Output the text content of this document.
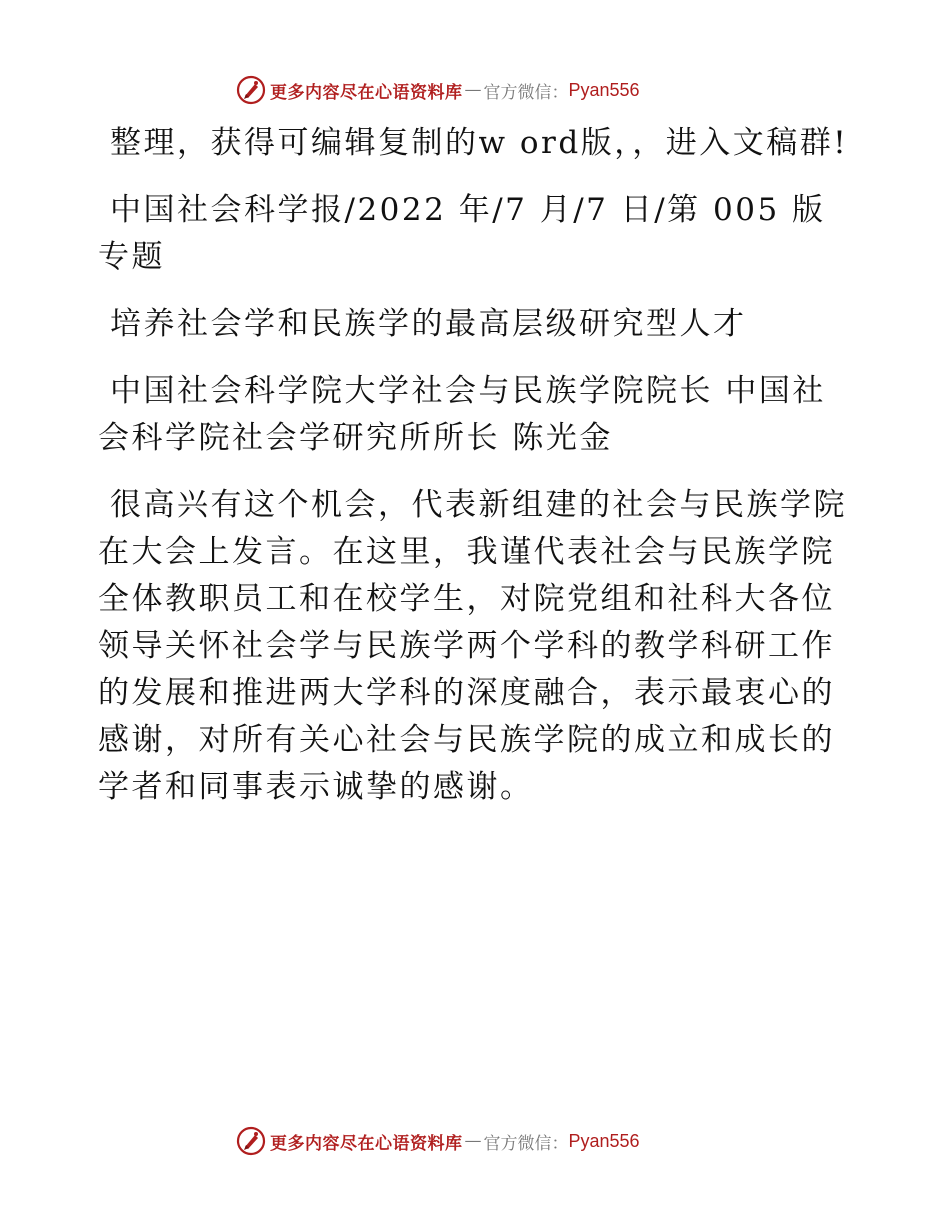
更多内容尽在心语资料库 — 官方微信： Pyan556

整理，获得可编辑复制的w ord版，，进入文稿群!

中国社会科学报/2022 年/7 月/7 日/第 005 版专题

培养社会学和民族学的最高层级研究型人才

中国社会科学院大学社会与民族学院院长 中国社会科学院社会学研究所所长 陈光金

很高兴有这个机会，代表新组建的社会与民族学院在大会上发言。在这里，我谨代表社会与民族学院全体教职员工和在校学生，对院党组和社科大各位领导关怀社会学与民族学两个学科的教学科研工作的发展和推进两大学科的深度融合，表示最衷心的感谢，对所有关心社会与民族学院的成立和成长的学者和同事表示诚挚的感谢。

更多内容尽在心语资料库 — 官方微信： Pyan556
